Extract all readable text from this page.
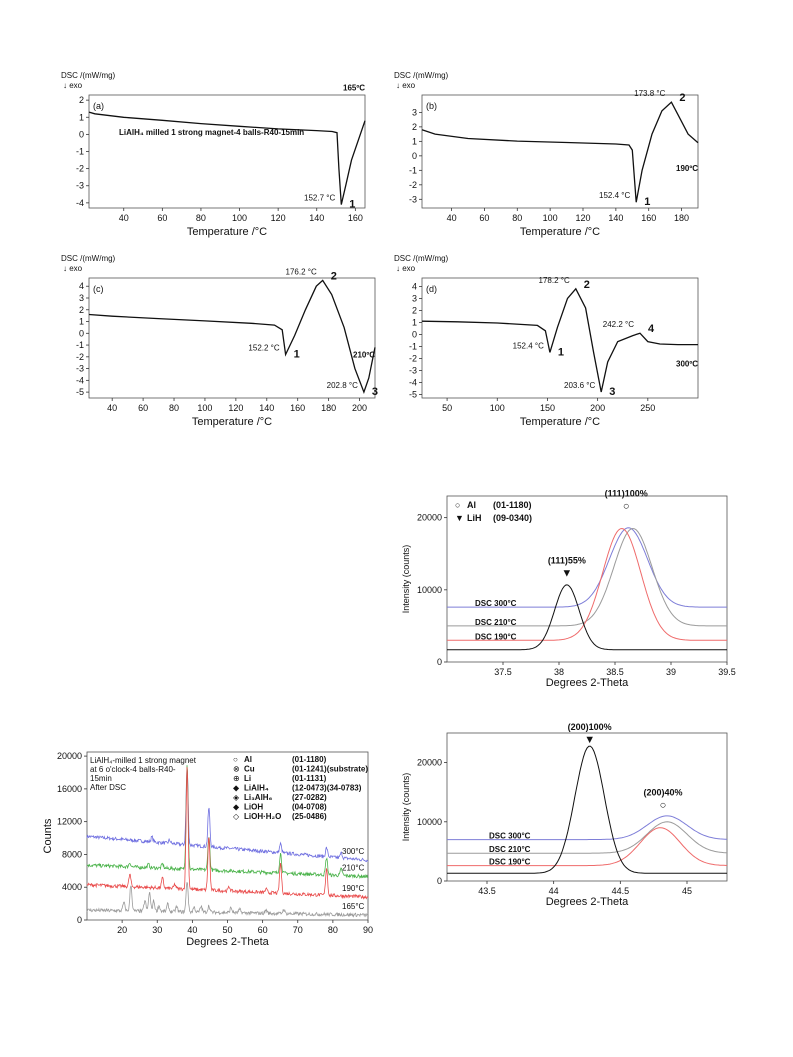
40	60	80	100	120	140	160
-4
-3
-2
-1
0
1
2
DSC /(mW/mg)
↓ exo
Temperature /°C
(a)
165ºC
1
152.7 °C
LiAlH₄ milled 1 strong magnet-4 balls-R40-15min
40	60	80 100 120 140 160 180
-3
-2
-1
0
1
2
3
DSC /(mW/mg)
↓ exo
Temperature /°C
(b)
190ºC
1
152.4 °C
2
173.8 °C
40 60 80 100 120 140 160 180 200
-5
-4
-3
-2
-1
0
1
2
3
4
DSC /(mW/mg)
↓ exo
Temperature /°C
(c)
210ºC
1
152.2 °C
2
176.2 °C
3
202.8 °C
50	100	150	200	250
-5
-4
-3
-2
-1
0
1
2
3
4
DSC /(mW/mg)
↓ exo
Temperature /°C
(d)
300ºC
1
152.4 °C
2
178.2 °C
3
203.6 °C
4
242.2 °C
37.5	38	38.5	39	39.5
0
10000
20000
Degrees 2-Theta
Intensity (counts)	DSC 300°C
DSC 210°C
DSC 190°C
(111)55%
▼
(111)100%
○
○ Al (01-1180)
▼ LiH (09-0340)
43.5	44	44.5	45
0
10000
20000
Degrees 2-Theta
Intensity (counts)	DSC 300°C
DSC 210°C
DSC 190°C
(200)100%
▼
(200)40%
○
20	30	40	50	60	70	80	90
0
4000
8000
12000
16000
20000
Degrees 2-Theta
Counts	300°C
210°C
190°C
165°C
LiAlH₄-milled 1 strong magnet
at 6 o'clock-4 balls-R40-
15min
After DSC
○ Al	(01-1180)
⊗ Cu	(01-1241)(substrate)
⊕ Li	(01-1131)
◆ LiAlH₄	(12-0473)(34-0783)
◈ Li₃AlH₆ (27-0282)
◆ LiOH	(04-0708)
◇ LiOH·H₂O (25-0486)
